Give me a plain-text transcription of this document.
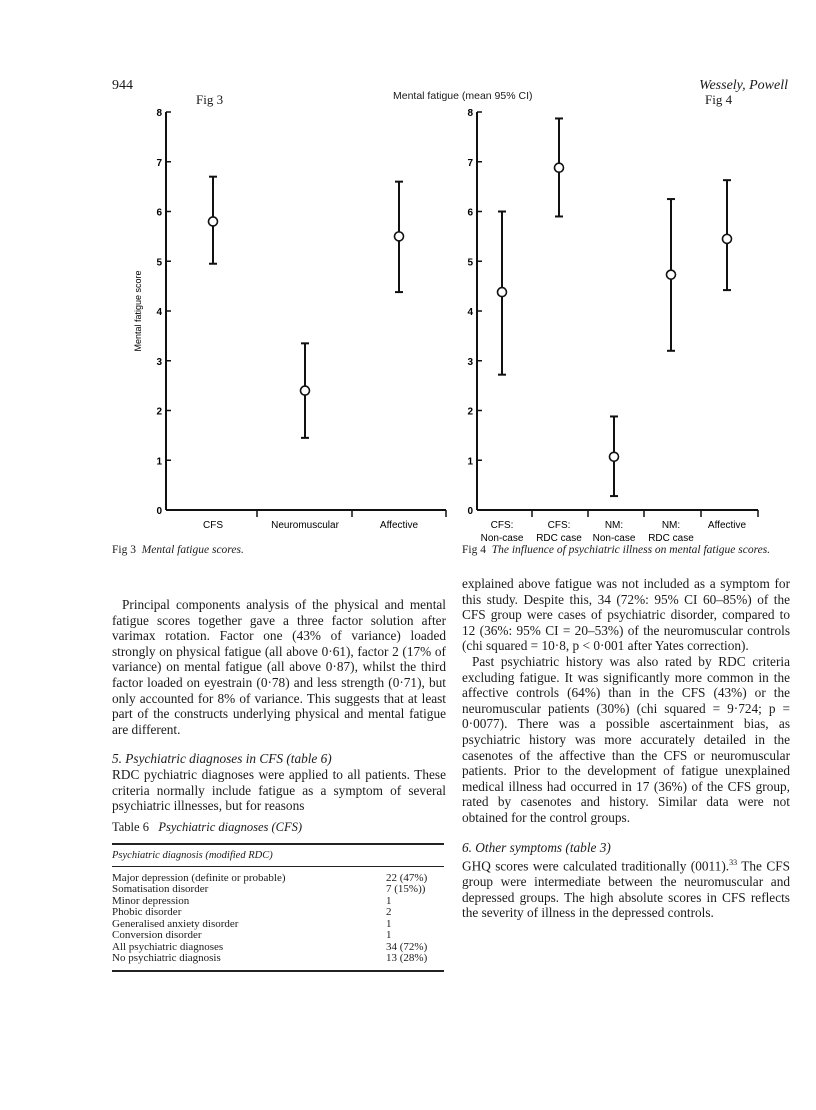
944	Wessely, Powell
Mental fatigue (mean 95% CI)
Fig 3	Fig 4
0
1
2
3
4
5
6
7
8
CFS	Neuromuscular	Affective
Mental fatigue score
0
1
2
3
4
5
6
7
8
CFS:
Non-case
CFS:
RDC case
NM:
Non-case
NM:
RDC case
Affective
Fig 3 Mental fatigue scores.	Fig 4 The influence of psychiatric illness on mental fatigue scores.

Principal components analysis of the physical and mental fatigue scores together gave a three factor solution after varimax rotation. Factor one (43% of variance) loaded strongly on physical fatigue (all above 0·61), factor 2 (17% of variance) on mental fatigue (all above 0·87), whilst the third factor loaded on eyestrain (0·78) and less strength (0·71), but only accounted for 8% of variance. This suggests that at least part of the constructs underlying physical and mental fatigue are different.

5. Psychiatric diagnoses in CFS (table 6)

RDC pychiatric diagnoses were applied to all patients. These criteria normally include fatigue as a symptom of several psychiatric illnesses, but for reasons

Table 6 Psychiatric diagnoses (CFS)
Psychiatric diagnosis (modified RDC)
Major depression (definite or probable)	22 (47%)
Somatisation disorder	7 (15%))
Minor depression	1
Phobic disorder	2
Generalised anxiety disorder	1
Conversion disorder	1
All psychiatric diagnoses	34 (72%)
No psychiatric diagnosis	13 (28%)

explained above fatigue was not included as a symptom for this study. Despite this, 34 (72%: 95% CI 60–85%) of the CFS group were cases of psychiatric disorder, compared to 12 (36%: 95% CI = 20–53%) of the neuromuscular controls (chi squared = 10·8, p < 0·001 after Yates correction).

Past psychiatric history was also rated by RDC criteria excluding fatigue. It was significantly more common in the affective controls (64%) than in the CFS (43%) or the neuromuscular patients (30%) (chi squared = 9·724; p = 0·0077). There was a possible ascertainment bias, as psychiatric history was more accurately detailed in the casenotes of the affective than the CFS or neuromuscular patients. Prior to the development of fatigue unexplained medical illness had occurred in 17 (36%) of the CFS group, rated by casenotes and history. Similar data were not obtained for the control groups.

6. Other symptoms (table 3)

GHQ scores were calculated traditionally (0011).$^{33}$ The CFS group were intermediate between the neuromuscular and depressed groups. The high absolute scores in CFS reflects the severity of illness in the depressed controls.
